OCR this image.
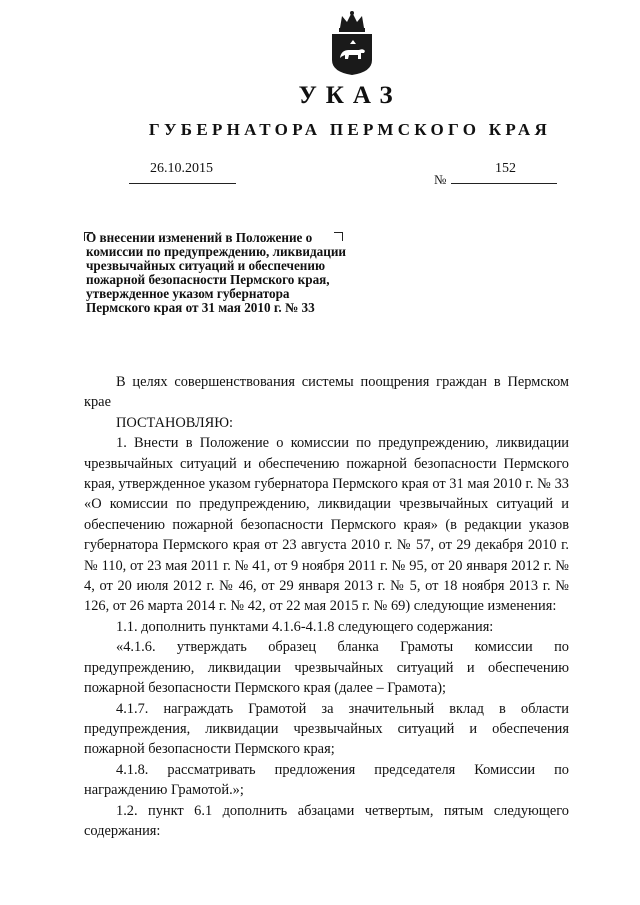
УКАЗ
ГУБЕРНАТОРА ПЕРМСКОГО КРАЯ
26.10.2015
№
152
О внесении изменений в Положение о комиссии по предупреждению, ликвидации чрезвычайных ситуаций и обеспечению пожарной безопасности Пермского края, утвержденное указом губернатора Пермского края от 31 мая 2010 г. № 33

В целях совершенствования системы поощрения граждан в Пермском крае

ПОСТАНОВЛЯЮ:

1. Внести в Положение о комиссии по предупреждению, ликвидации чрезвычайных ситуаций и обеспечению пожарной безопасности Пермского края, утвержденное указом губернатора Пермского края от 31 мая 2010 г. № 33 «О комиссии по предупреждению, ликвидации чрезвычайных ситуаций и обеспечению пожарной безопасности Пермского края» (в редакции указов губернатора Пермского края от 23 августа 2010 г. № 57, от 29 декабря 2010 г. № 110, от 23 мая 2011 г. № 41, от 9 ноября 2011 г. № 95, от 20 января 2012 г. № 4, от 20 июля 2012 г. № 46, от 29 января 2013 г. № 5, от 18 ноября 2013 г. № 126, от 26 марта 2014 г. № 42, от 22 мая 2015 г. № 69) следующие изменения:

1.1. дополнить пунктами 4.1.6-4.1.8 следующего содержания:

«4.1.6. утверждать образец бланка Грамоты комиссии по предупреждению, ликвидации чрезвычайных ситуаций и обеспечению пожарной безопасности Пермского края (далее – Грамота);

4.1.7. награждать Грамотой за значительный вклад в области предупреждения, ликвидации чрезвычайных ситуаций и обеспечения пожарной безопасности Пермского края;

4.1.8. рассматривать предложения председателя Комиссии по награждению Грамотой.»;

1.2. пункт 6.1 дополнить абзацами четвертым, пятым следующего содержания:
